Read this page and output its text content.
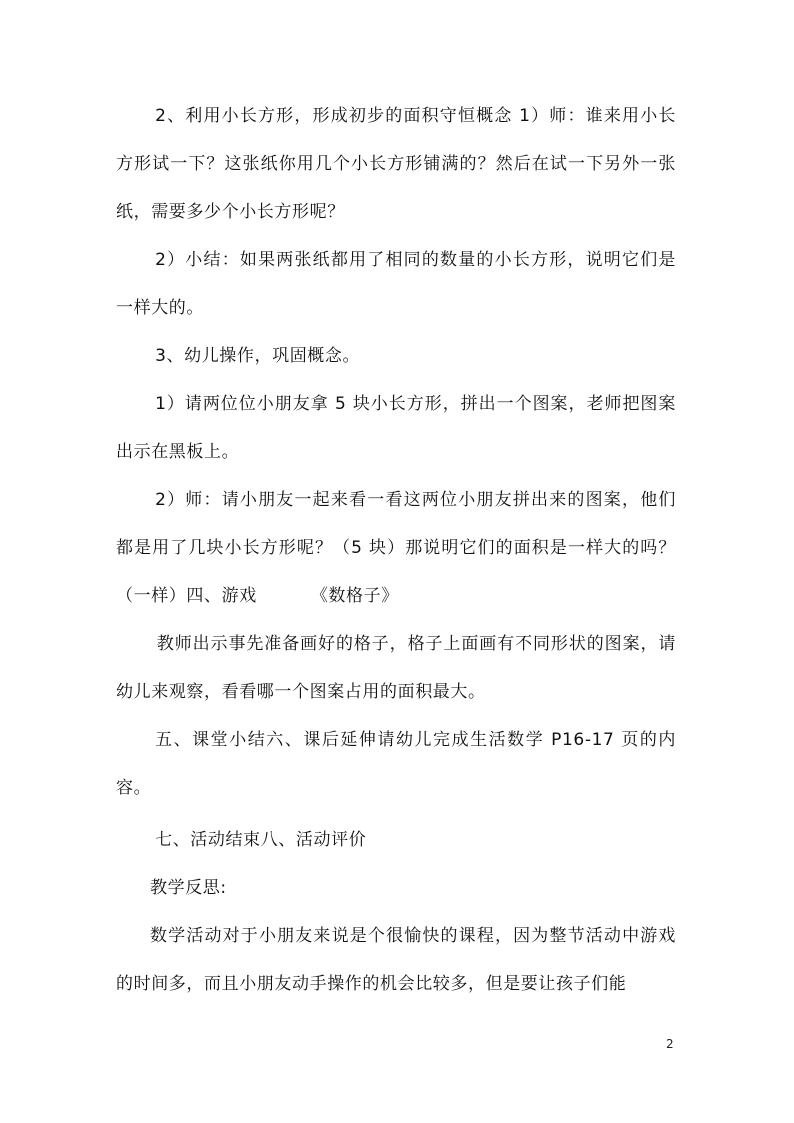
2、利用小长方形，形成初步的面积守恒概念 1）师：谁来用小长方形试一下？这张纸你用几个小长方形铺满的？然后在试一下另外一张纸，需要多少个小长方形呢？

2）小结：如果两张纸都用了相同的数量的小长方形，说明它们是一样大的。

3、幼儿操作，巩固概念。

1）请两位位小朋友拿 5 块小长方形，拼出一个图案，老师把图案出示在黑板上。

2）师：请小朋友一起来看一看这两位小朋友拼出来的图案，他们都是用了几块小长方形呢？（5 块）那说明它们的面积是一样大的吗？（一样）四、游戏	《数格子》

教师出示事先准备画好的格子，格子上面画有不同形状的图案，请幼儿来观察，看看哪一个图案占用的面积最大。

五、课堂小结六、课后延伸请幼儿完成生活数学 P16-17 页的内容。

七、活动结束八、活动评价

教学反思:

数学活动对于小朋友来说是个很愉快的课程，因为整节活动中游戏的时间多，而且小朋友动手操作的机会比较多，但是要让孩子们能

2
